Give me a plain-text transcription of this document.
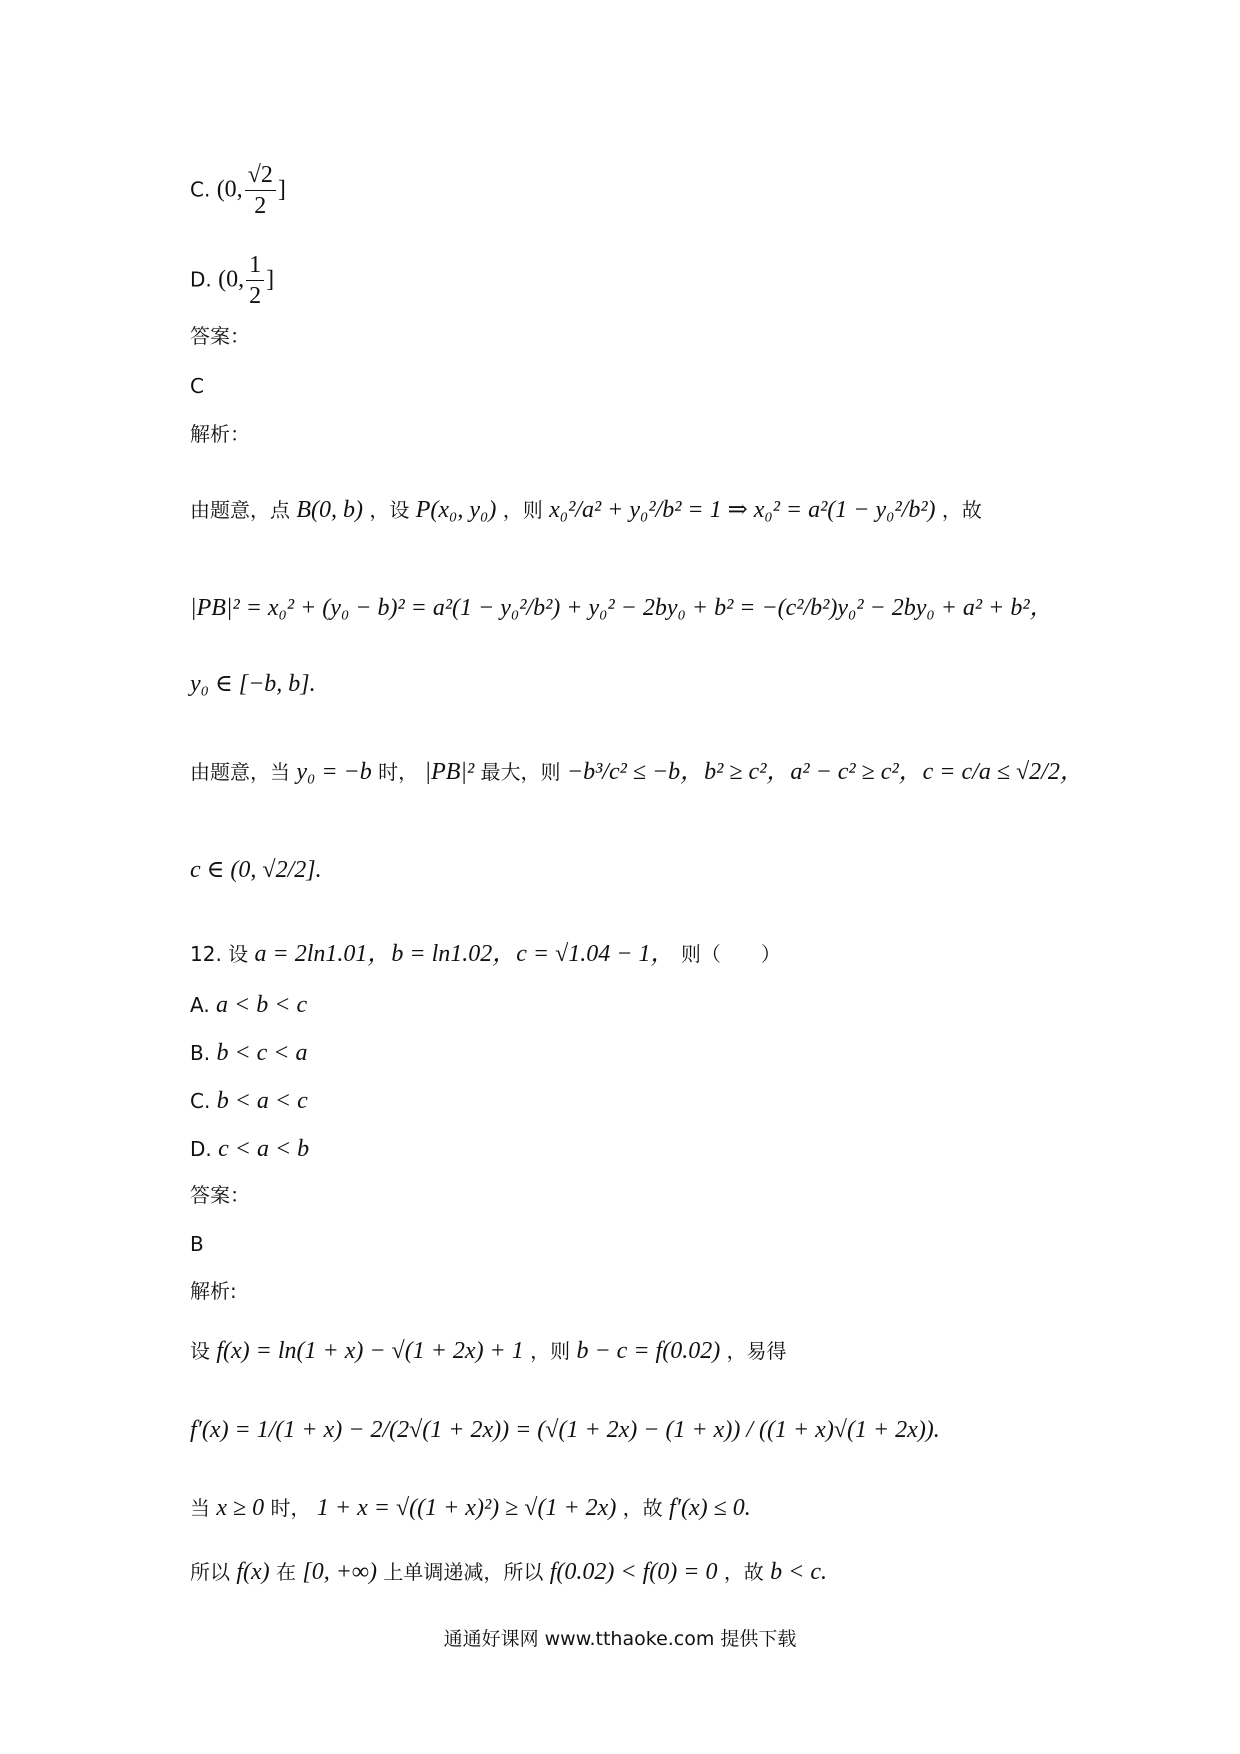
C. (0, $\frac{√2}{2}$ ]
D. (0, $\frac{1}{2}$ ]
答案：
C
解析：
由题意，点 B(0, b) ，设 P(x₀, y₀) ，则 x₀²/a² + y₀²/b² = 1 ⇒ x₀² = a²(1 − y₀²/b²) ，故
|PB|² = x₀² + (y₀ − b)² = a²(1 − y₀²/b²) + y₀² − 2by₀ + b² = −(c²/b²)y₀² − 2by₀ + a² + b²，
y₀ ∈ [−b, b].
由题意，当 y₀ = −b 时， |PB|² 最大，则 −b³/c² ≤ −b，b² ≥ c²，a² − c² ≥ c²，c = c/a ≤ √2/2，
c ∈ (0, √2/2].
12. 设 a = 2ln1.01，b = ln1.02，c = √1.04 − 1， 则（　　）
A. a < b < c
B. b < c < a
C. b < a < c
D. c < a < b
答案：
B
解析:
设 f(x) = ln(1 + x) − √(1 + 2x) + 1 ，则 b − c = f(0.02) ，易得
f′(x) = 1/(1 + x) − 2/(2√(1 + 2x)) = (√(1 + 2x) − (1 + x)) / ((1 + x)√(1 + 2x)).
当 x ≥ 0 时， 1 + x = √((1 + x)²) ≥ √(1 + 2x) ，故 f′(x) ≤ 0.
所以 f(x) 在 [0, +∞) 上单调递减，所以 f(0.02) < f(0) = 0 ，故 b < c.
通通好课网 www.tthaoke.com 提供下载
